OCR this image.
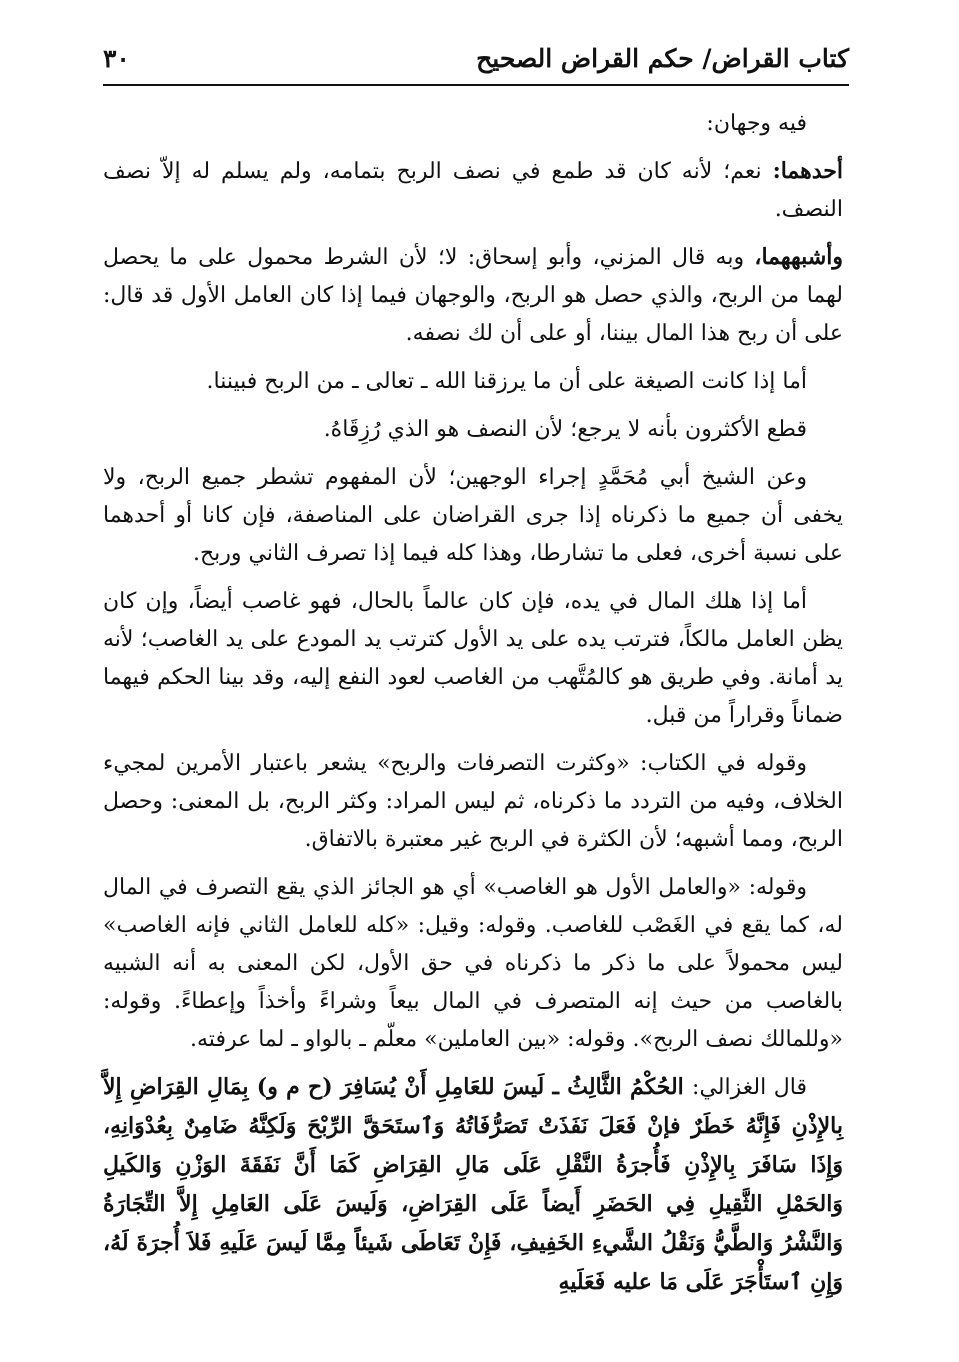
كتاب القراض/ حكم القراض الصحيح
٣٠

فيه وجهان:

أحدهما: نعم؛ لأنه كان قد طمع في نصف الربح بتمامه، ولم يسلم له إلاّ نصف النصف.

وأشبههما، وبه قال المزني، وأبو إسحاق: لا؛ لأن الشرط محمول على ما يحصل لهما من الربح، والذي حصل هو الربح، والوجهان فيما إذا كان العامل الأول قد قال: على أن ربح هذا المال بيننا، أو على أن لك نصفه.

أما إذا كانت الصيغة على أن ما يرزقنا الله ـ تعالى ـ من الربح فبيننا.

قطع الأكثرون بأنه لا يرجع؛ لأن النصف هو الذي رُزِقَاهُ.

وعن الشيخ أبي مُحَمَّدٍ إجراء الوجهين؛ لأن المفهوم تشطر جميع الربح، ولا يخفى أن جميع ما ذكرناه إذا جرى القراضان على المناصفة، فإن كانا أو أحدهما على نسبة أخرى، فعلى ما تشارطا، وهذا كله فيما إذا تصرف الثاني وربح.

أما إذا هلك المال في يده، فإن كان عالماً بالحال، فهو غاصب أيضاً، وإن كان يظن العامل مالكاً، فترتب يده على يد الأول كترتب يد المودع على يد الغاصب؛ لأنه يد أمانة. وفي طريق هو كالمُتَّهب من الغاصب لعود النفع إليه، وقد بينا الحكم فيهما ضماناً وقراراً من قبل.

وقوله في الكتاب: «وكثرت التصرفات والربح» يشعر باعتبار الأمرين لمجيء الخلاف، وفيه من التردد ما ذكرناه، ثم ليس المراد: وكثر الربح، بل المعنى: وحصل الربح، ومما أشبهه؛ لأن الكثرة في الربح غير معتبرة بالاتفاق.

وقوله: «والعامل الأول هو الغاصب» أي هو الجائز الذي يقع التصرف في المال له، كما يقع في الغَصْب للغاصب. وقوله: وقيل: «كله للعامل الثاني فإنه الغاصب» ليس محمولاً على ما ذكر ما ذكرناه في حق الأول، لكن المعنى به أنه الشبيه بالغاصب من حيث إنه المتصرف في المال بيعاً وشراءً وأخذاً وإعطاءً. وقوله: «وللمالك نصف الربح». وقوله: «بين العاملين» معلّم ـ بالواو ـ لما عرفته.

قال الغزالي: الحُكْمُ الثَّالِثُ ـ لَيسَ للعَامِلِ أَنْ يُسَافِرَ (ح م و) بِمَالِ القِرَاضِ إِلاَّ بِالإِذْنِ فَإِنَّهُ خَطَرٌ فإنْ فَعَلَ نَفَذَتْ تَصَرُّفَاتُهُ وَٱستَحَقَّ الرِّبْحَ وَلَكِنَّهُ ضَامِنٌ بِعُدْوَانِهِ، وَإِذَا سَافَرَ بِالإِذْنِ فَأُجرَةُ النَّقْلِ عَلَى مَالِ القِرَاضِ كَمَا أَنَّ نَفَقَةَ الوَزْنِ وَالكَيلِ وَالحَمْلِ الثَّقِيلِ فِي الحَضَرِ أَيضاً عَلَى القِرَاضِ، وَلَيسَ عَلَى العَامِلِ إِلاَّ التِّجَارَةُ وَالنَّشْرُ وَالطَّيُّ وَنَقْلُ الشَّيءِ الخَفِيفِ، فَإِنْ تَعَاطَى شَيئاً مِمَّا لَيسَ عَلَيهِ فَلاَ أُجرَةَ لَهُ، وَإِنِ ٱستَأْجَرَ عَلَى مَا عليه فَعَلَيهِ
